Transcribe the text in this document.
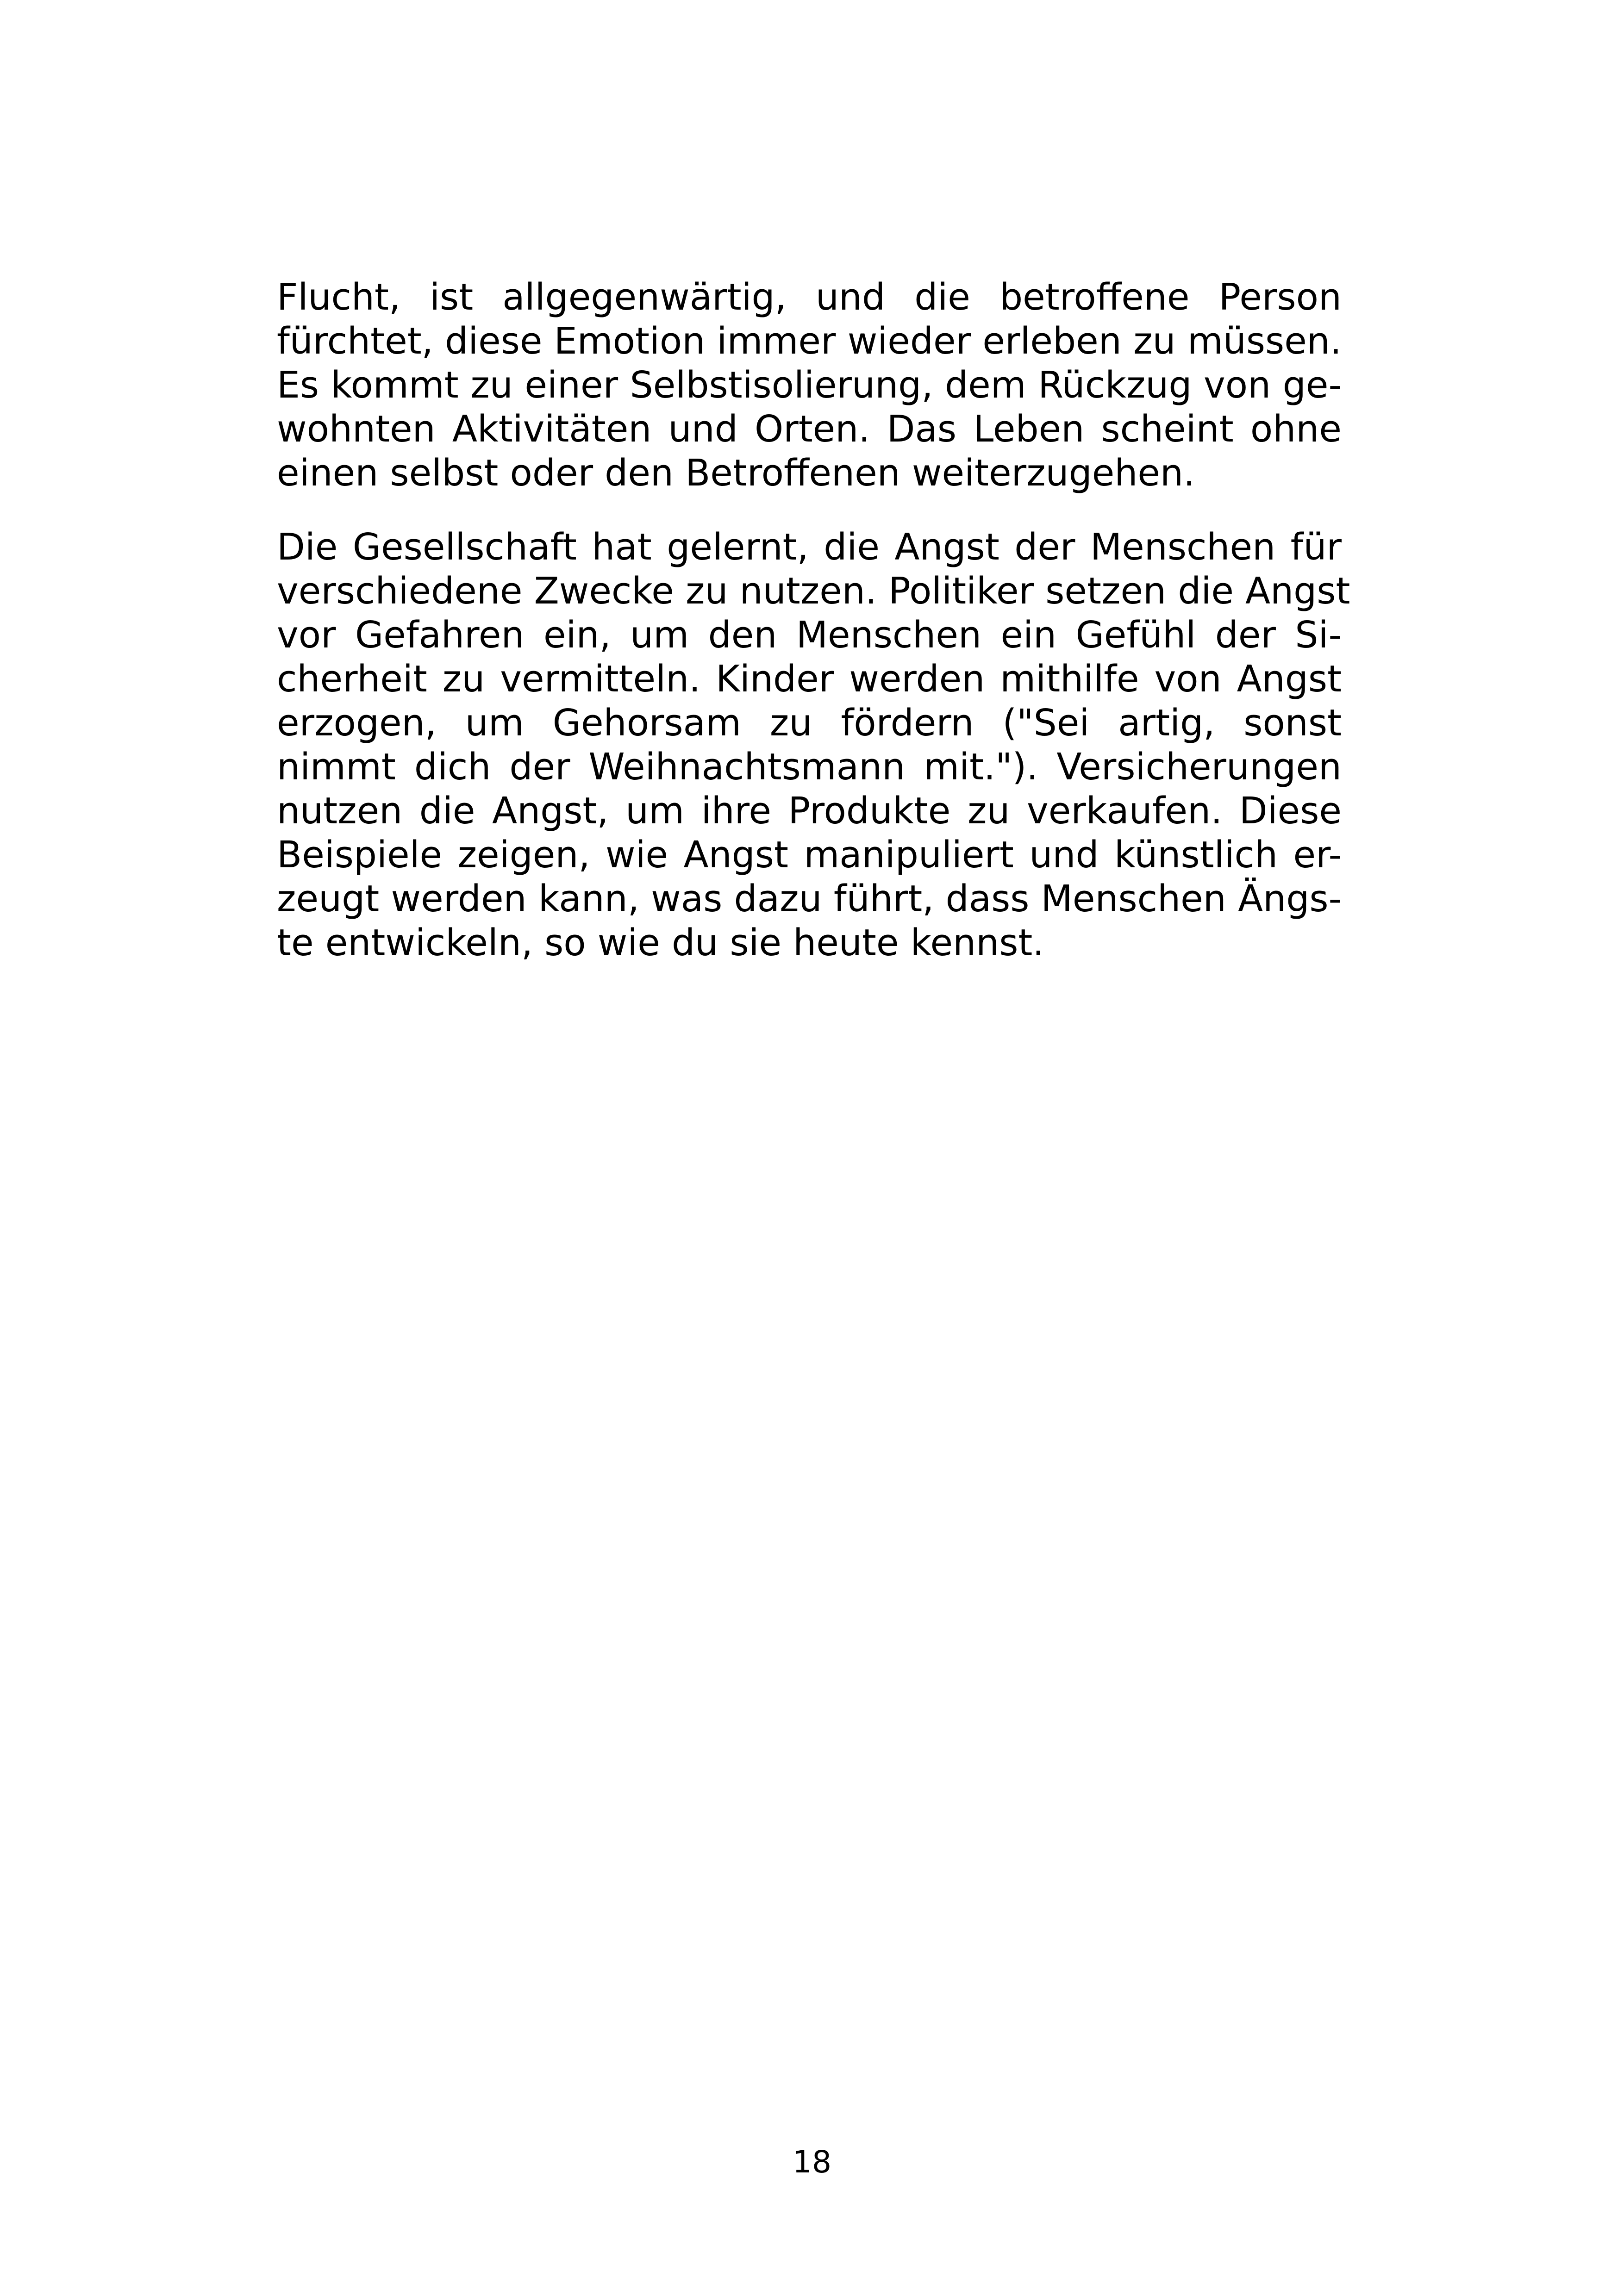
Flucht, ist allgegenwärtig, und die betroffene Person
fürchtet, diese Emotion immer wieder erleben zu müssen.
Es kommt zu einer Selbstisolierung, dem Rückzug von ge-
wohnten Aktivitäten und Orten. Das Leben scheint ohne
einen selbst oder den Betroffenen weiterzugehen.
Die Gesellschaft hat gelernt, die Angst der Menschen für
verschiedene Zwecke zu nutzen. Politiker setzen die Angst
vor Gefahren ein, um den Menschen ein Gefühl der Si-
cherheit zu vermitteln. Kinder werden mithilfe von Angst
erzogen, um Gehorsam zu fördern ("Sei artig, sonst
nimmt dich der Weihnachtsmann mit."). Versicherungen
nutzen die Angst, um ihre Produkte zu verkaufen. Diese
Beispiele zeigen, wie Angst manipuliert und künstlich er-
zeugt werden kann, was dazu führt, dass Menschen Ängs-
te entwickeln, so wie du sie heute kennst.
18
